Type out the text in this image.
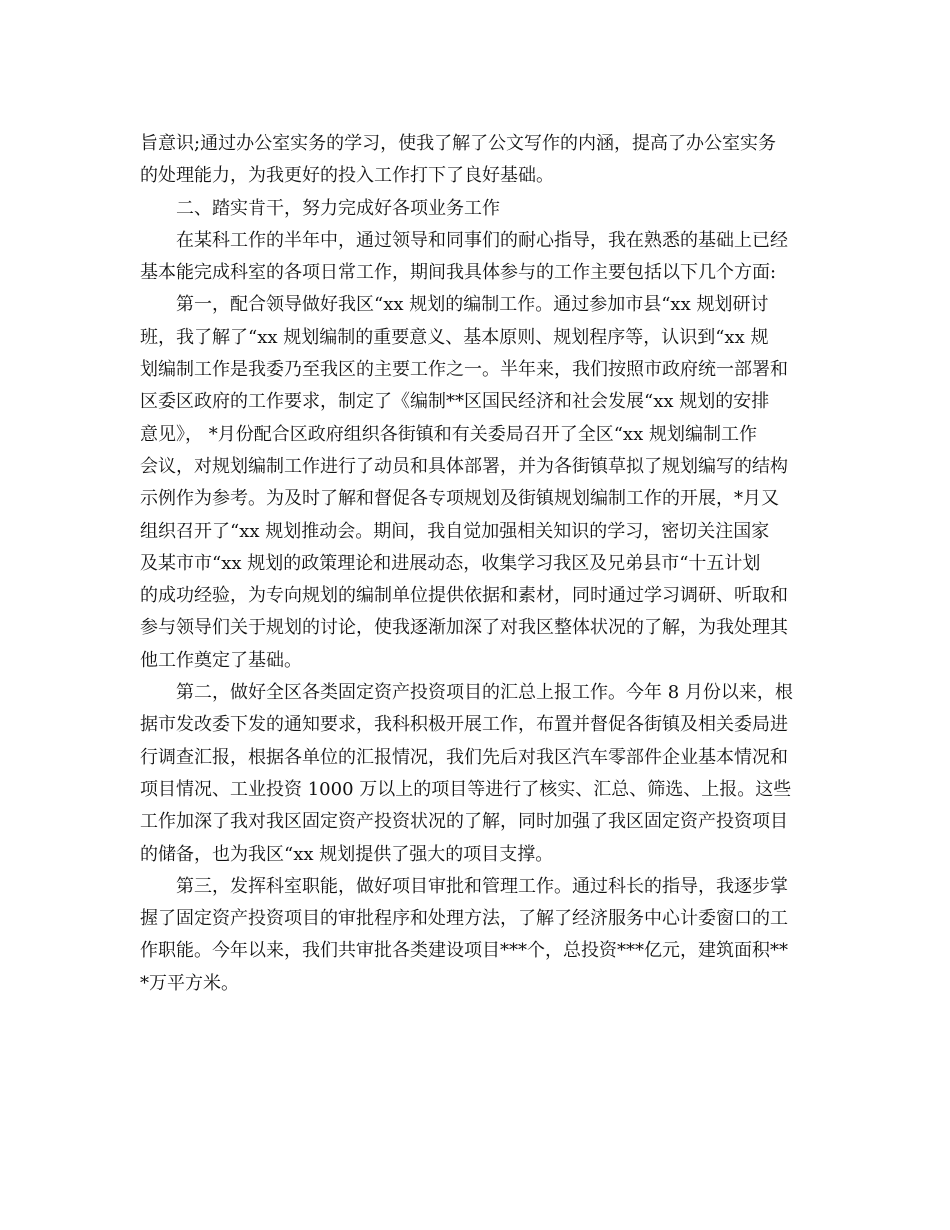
旨意识;通过办公室实务的学习，使我了解了公文写作的内涵，提高了办公室实务
的处理能力，为我更好的投入工作打下了良好基础。
二、踏实肯干，努力完成好各项业务工作
在某科工作的半年中，通过领导和同事们的耐心指导，我在熟悉的基础上已经
基本能完成科室的各项日常工作，期间我具体参与的工作主要包括以下几个方面:
第一，配合领导做好我区“xx 规划的编制工作。通过参加市县“xx 规划研讨
班，我了解了“xx 规划编制的重要意义、基本原则、规划程序等，认识到“xx 规
划编制工作是我委乃至我区的主要工作之一。半年来，我们按照市政府统一部署和
区委区政府的工作要求，制定了《编制**区国民经济和社会发展“xx 规划的安排
意见》， *月份配合区政府组织各街镇和有关委局召开了全区“xx 规划编制工作
会议，对规划编制工作进行了动员和具体部署，并为各街镇草拟了规划编写的结构
示例作为参考。为及时了解和督促各专项规划及街镇规划编制工作的开展，*月又
组织召开了“xx 规划推动会。期间，我自觉加强相关知识的学习，密切关注国家
及某市市“xx 规划的政策理论和进展动态，收集学习我区及兄弟县市“十五计划
的成功经验，为专向规划的编制单位提供依据和素材，同时通过学习调研、听取和
参与领导们关于规划的讨论，使我逐渐加深了对我区整体状况的了解，为我处理其
他工作奠定了基础。
第二，做好全区各类固定资产投资项目的汇总上报工作。今年 8 月份以来，根
据市发改委下发的通知要求，我科积极开展工作，布置并督促各街镇及相关委局进
行调查汇报，根据各单位的汇报情况，我们先后对我区汽车零部件企业基本情况和
项目情况、工业投资 1000 万以上的项目等进行了核实、汇总、筛选、上报。这些
工作加深了我对我区固定资产投资状况的了解，同时加强了我区固定资产投资项目
的储备，也为我区“xx 规划提供了强大的项目支撑。
第三，发挥科室职能，做好项目审批和管理工作。通过科长的指导，我逐步掌
握了固定资产投资项目的审批程序和处理方法，了解了经济服务中心计委窗口的工
作职能。今年以来，我们共审批各类建设项目***个，总投资***亿元，建筑面积**
*万平方米。
